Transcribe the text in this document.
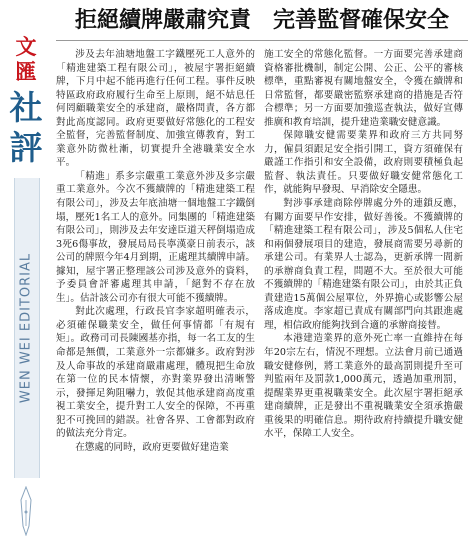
文匯
社評
WEN WEI EDITORIAL
拒絕續牌嚴肅究責　完善監督確保安全

涉及去年油塘地盤工字鐵壓死工人意外的「精進建築工程有限公司」，被屋宇署拒絕續牌，下月中起不能再進行任何工程。事件反映特區政府政府履行生命至上原則，絕不姑息任何罔顧職業安全的承建商，嚴格問責，各方都對此高度認同。政府更要做好常態化的工程安全監督，完善監督制度、加強宣傳教育，對工業意外防微杜漸，切實提升全港職業安全水平。

「精進」系多宗嚴重工業意外涉及多宗嚴重工業意外。今次不獲續牌的「精進建築工程有限公司」，涉及去年底油塘一個地盤工字鐵倒塌，壓死1名工人的意外。同集團的「精進建築有限公司」，則涉及去年安達臣道天秤倒塌造成3死6傷事故，發展局局長寧漢豪日前表示，該公司的牌照今年4月到期，正處理其續牌申請。據知，屋宇署正整理該公司涉及意外的資料，予委員會評審處理其申請，「絕對不存在放生」。估計該公司亦有很大可能不獲續牌。

對此次處理，行政長官李家超明確表示，必須確保職業安全，做任何事情都「有規有矩」。政務司司長陳國基亦指，每一名工友的生命都是無價，工業意外一宗都嫌多。政府對涉及人命事故的承建商嚴肅處理，體現把生命放在第一位的民本情懷，亦對業界發出清晰警示，發揮足夠阻嚇力，敦促其他承建商高度重視工業安全，提升對工人安全的保障，不再重犯不可挽回的錯誤。社會各界、工會都對政府的做法充分肯定。

在懲處的同時，政府更要做好建造業

施工安全的常態化監督。一方面要完善承建商資格審批機制，制定公開、公正、公平的審核標準，重點審視有關地盤安全，令獲在續牌和日常監督，都要嚴密監察承建商的措施是否符合標準；另一方面要加強巡查執法，做好宣傳推廣和教育培訓，提升建造業職安健意識。

保障職安健需要業界和政府三方共同努力，僱員須跟足安全指引開工，資方須確保有嚴謹工作指引和安全設備，政府則要積極負起監督、執法責任。只要做好職安健常態化工作，就能夠早發現、早消除安全隱患。

對涉事承建商除停牌處分外的連鎖反應，有關方面要早作安排，做好善後。不獲續牌的「精進建築工程有限公司」，涉及5個私人住宅和兩個發展項目的建造，發展商需要另尋新的承建公司。有業界人士認為，更新承牌一間新的承辦商負責工程，問題不大。至於很大可能不獲續牌的「精進建築有限公司」，由於其正負責建造15萬個公屋單位，外界擔心或影響公屋落成進度。李家超已責成有關部門向其跟進處理，相信政府能夠找到合適的承辦商接替。

本港建造業界的意外死亡率一直維持在每年20宗左右，情況不理想。立法會月前已通過職安健修例，將工業意外的最高罰則提升至可判監兩年及罰款1,000萬元，透過加重刑罰，提醒業界更重視職業安全。此次屋宇署拒絕承建商續牌，正是發出不重視職業安全須承擔嚴重後果的明確信息。期待政府持續提升職安健水平，保障工人安全。
